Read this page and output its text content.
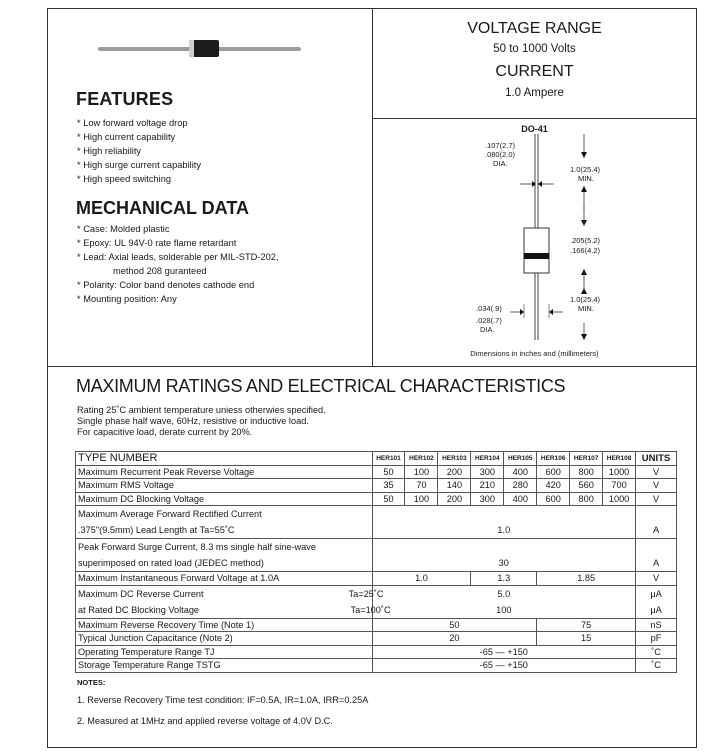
FEATURES
* Low forward voltage drop
* High current capability
* High reliability
* High surge current capability
* High speed switching
MECHANICAL DATA
* Case: Molded plastic
* Epoxy: UL 94V-0 rate flame retardant
* Lead: Axial leads, solderable per MIL-STD-202,
method 208 guranteed
* Polarity: Color band denotes cathode end
* Mounting position: Any
VOLTAGE RANGE
50 to 1000 Volts
CURRENT
1.0 Ampere
DO-41
.107(2.7)
.080(2.0)
DIA.
1.0(25.4)
MIN.
.205(5.2)
.166(4.2)
1.0(25.4)
MIN.
.034(.9)
.028(.7)
DIA.
Dimensions in inches and (millimeters)
MAXIMUM RATINGS AND ELECTRICAL CHARACTERISTICS
Rating 25˚C ambient temperature uniess otherwies specified.
Single phase half wave, 60Hz, resistive or inductive load.
For capacitive load, derate current by 20%.
TYPE NUMBER	HER101	HER102	HER103	HER104	HER105	HER106	HER107	HER108	UNITS
Maximum Recurrent Peak Reverse Voltage	50	100	200	300	400	600	800	1000	V
Maximum RMS Voltage	35	70	140	210	280	420	560	700	V
Maximum DC Blocking Voltage	50	100	200	300	400	600	800	1000	V
Maximum Average Forward Rectified Current									
.375"(9.5mm) Lead Length at Ta=55˚C	1.0								A
Peak Forward Surge Current, 8.3 ms single half sine-wave									
superimposed on rated load (JEDEC method)	30								A
Maximum Instantaneous Forward Voltage at 1.0A	1.0			1.3		1.85			V
Maximum DC Reverse Current Ta=25˚C	5.0								μA
at Rated DC Blocking Voltage Ta=100˚C	100								μA
Maximum Reverse Recovery Time (Note 1)	50					75			nS
Typical Junction Capacitance (Note 2)	20					15			pF
Operating Temperature Range TJ	-65 — +150								˚C
Storage Temperature Range TSTG	-65 — +150								˚C
NOTES:
1. Reverse Recovery Time test condition: IF=0.5A, IR=1.0A, IRR=0.25A
2. Measured at 1MHz and applied reverse voltage of 4.0V D.C.
